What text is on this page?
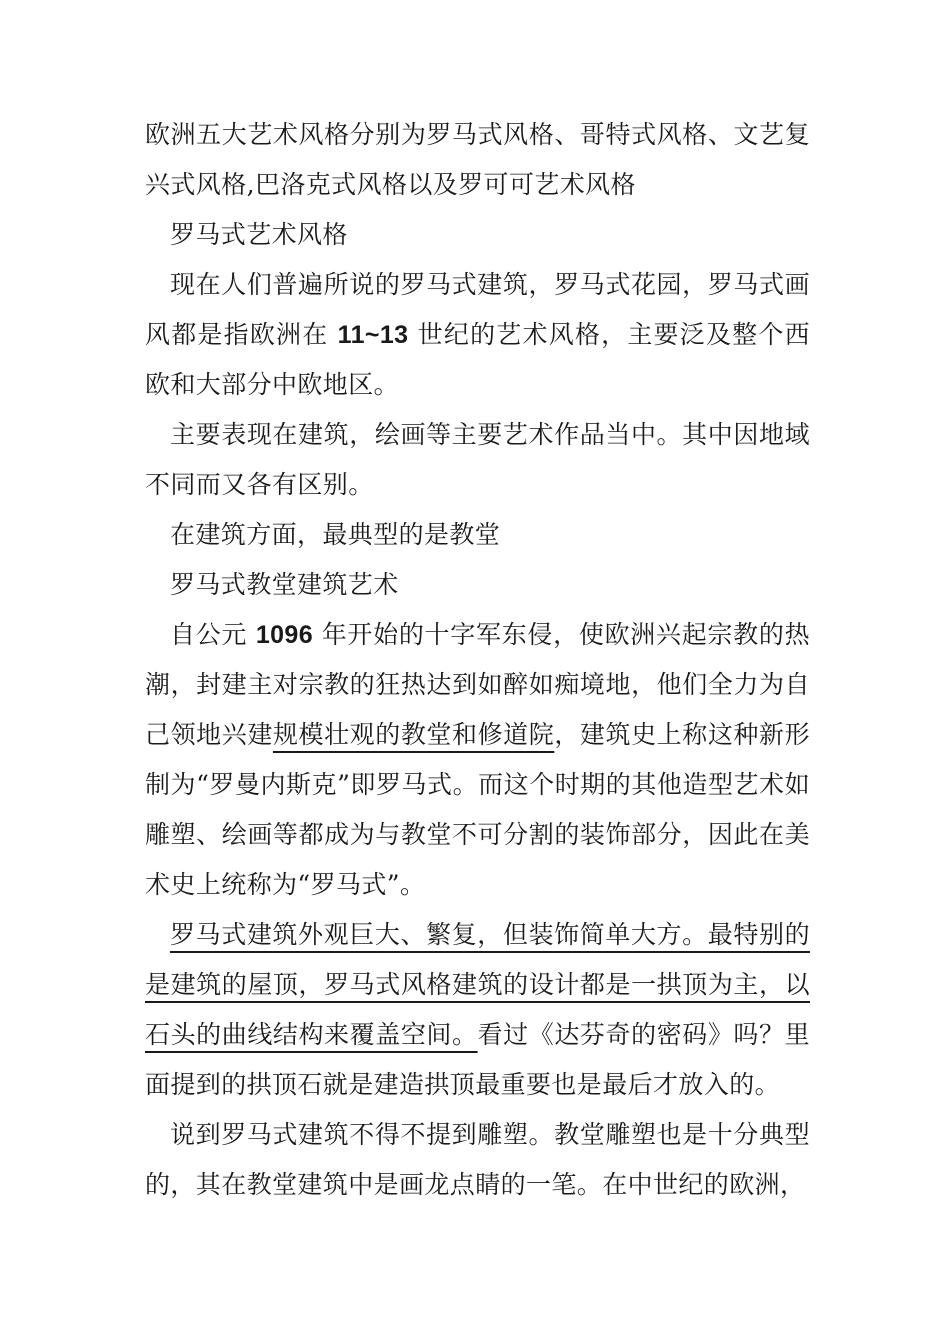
欧洲五大艺术风格分别为罗马式风格、哥特式风格、文艺复兴式风格,巴洛克式风格以及罗可可艺术风格

罗马式艺术风格

现在人们普遍所说的罗马式建筑，罗马式花园，罗马式画风都是指欧洲在 11~13 世纪的艺术风格，主要泛及整个西欧和大部分中欧地区。

主要表现在建筑，绘画等主要艺术作品当中。其中因地域不同而又各有区别。

在建筑方面，最典型的是教堂

罗马式教堂建筑艺术

自公元 1096 年开始的十字军东侵，使欧洲兴起宗教的热潮，封建主对宗教的狂热达到如醉如痴境地，他们全力为自己领地兴建规模壮观的教堂和修道院，建筑史上称这种新形制为“罗曼内斯克”即罗马式。而这个时期的其他造型艺术如雕塑、绘画等都成为与教堂不可分割的装饰部分，因此在美术史上统称为“罗马式”。

罗马式建筑外观巨大、繁复，但装饰简单大方。最特别的是建筑的屋顶，罗马式风格建筑的设计都是一拱顶为主，以石头的曲线结构来覆盖空间。看过《达芬奇的密码》吗？里面提到的拱顶石就是建造拱顶最重要也是最后才放入的。

说到罗马式建筑不得不提到雕塑。教堂雕塑也是十分典型的，其在教堂建筑中是画龙点睛的一笔。在中世纪的欧洲，
